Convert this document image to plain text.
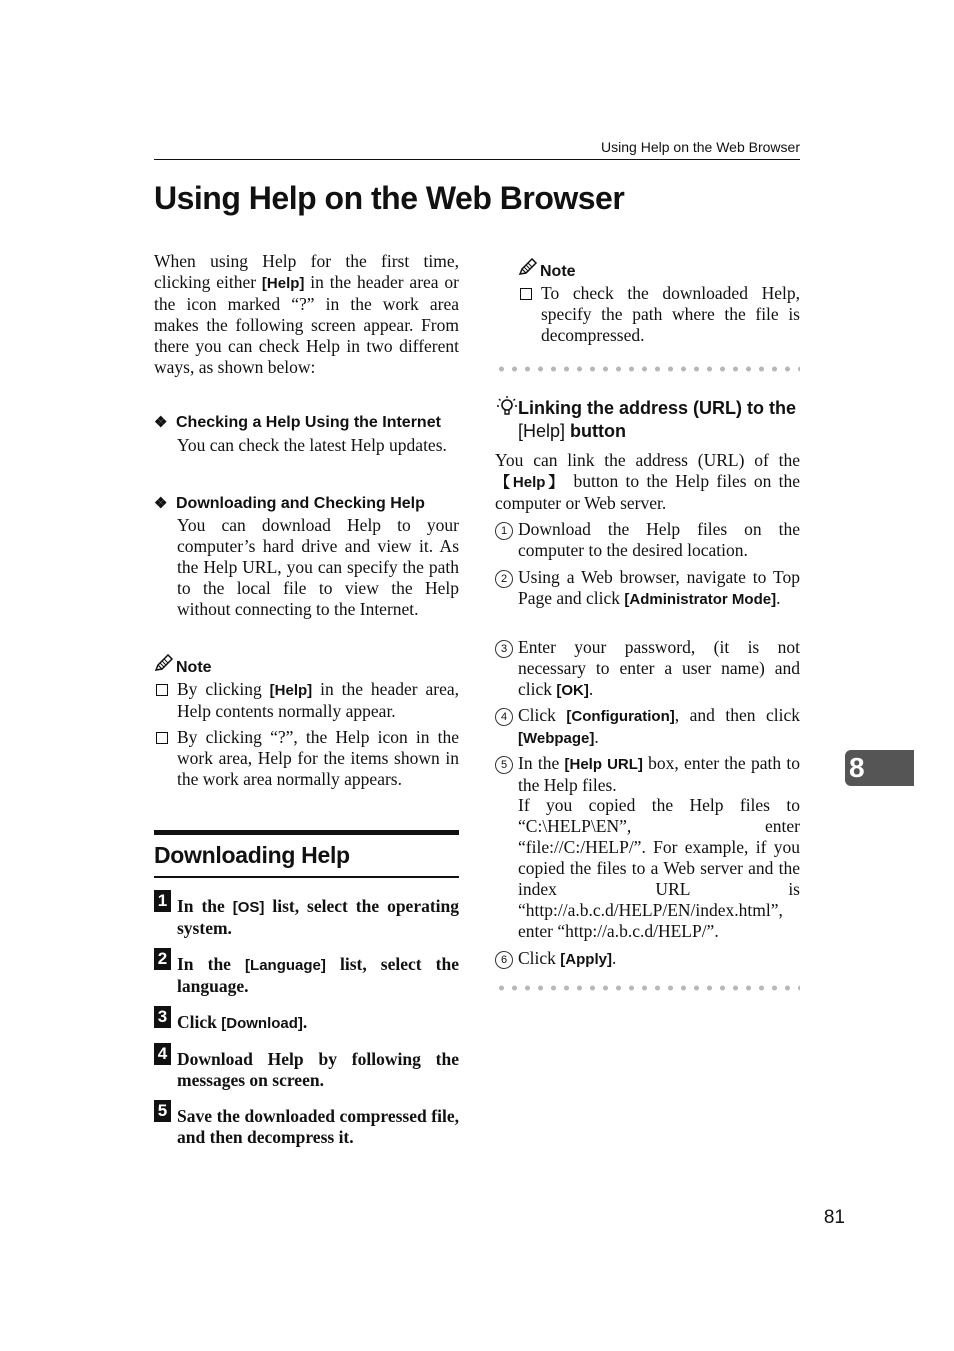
Using Help on the Web Browser
Using Help on the Web Browser
When using Help for the first time, clicking either [Help] in the header area or the icon marked “?” in the work area makes the following screen appear. From there you can check Help in two different ways, as shown below:
❖ Checking a Help Using the Internet
You can check the latest Help updates.
❖ Downloading and Checking Help
You can download Help to your computer’s hard drive and view it. As the Help URL, you can specify the path to the local file to view the Help without connecting to the Internet.
Note
By clicking [Help] in the header area, Help contents normally appear.
By clicking “?”, the Help icon in the work area, Help for the items shown in the work area normally appears.
Downloading Help
1 In the [OS] list, select the operating system.
2 In the [Language] list, select the language.
3 Click [Download].
4 Download Help by following the messages on screen.
5 Save the downloaded compressed file, and then decompress it.
Note
To check the downloaded Help, specify the path where the file is decompressed.
Linking the address (URL) to the [Help] button
You can link the address (URL) of the 【Help】 button to the Help files on the computer or Web server.
1 Download the Help files on the computer to the desired location.
2 Using a Web browser, navigate to Top Page and click [Administrator Mode].
3 Enter your password, (it is not necessary to enter a user name) and click [OK].
4 Click [Configuration], and then click [Webpage].
5 In the [Help URL] box, enter the path to the Help files.
If you copied the Help files to “C:\HELP\EN”, enter “file://C:/HELP/”. For example, if you copied the files to a Web server and the index URL is “http://a.b.c.d/HELP/EN/index.html”, enter “http://a.b.c.d/HELP/”.
6 Click [Apply].
8
81
